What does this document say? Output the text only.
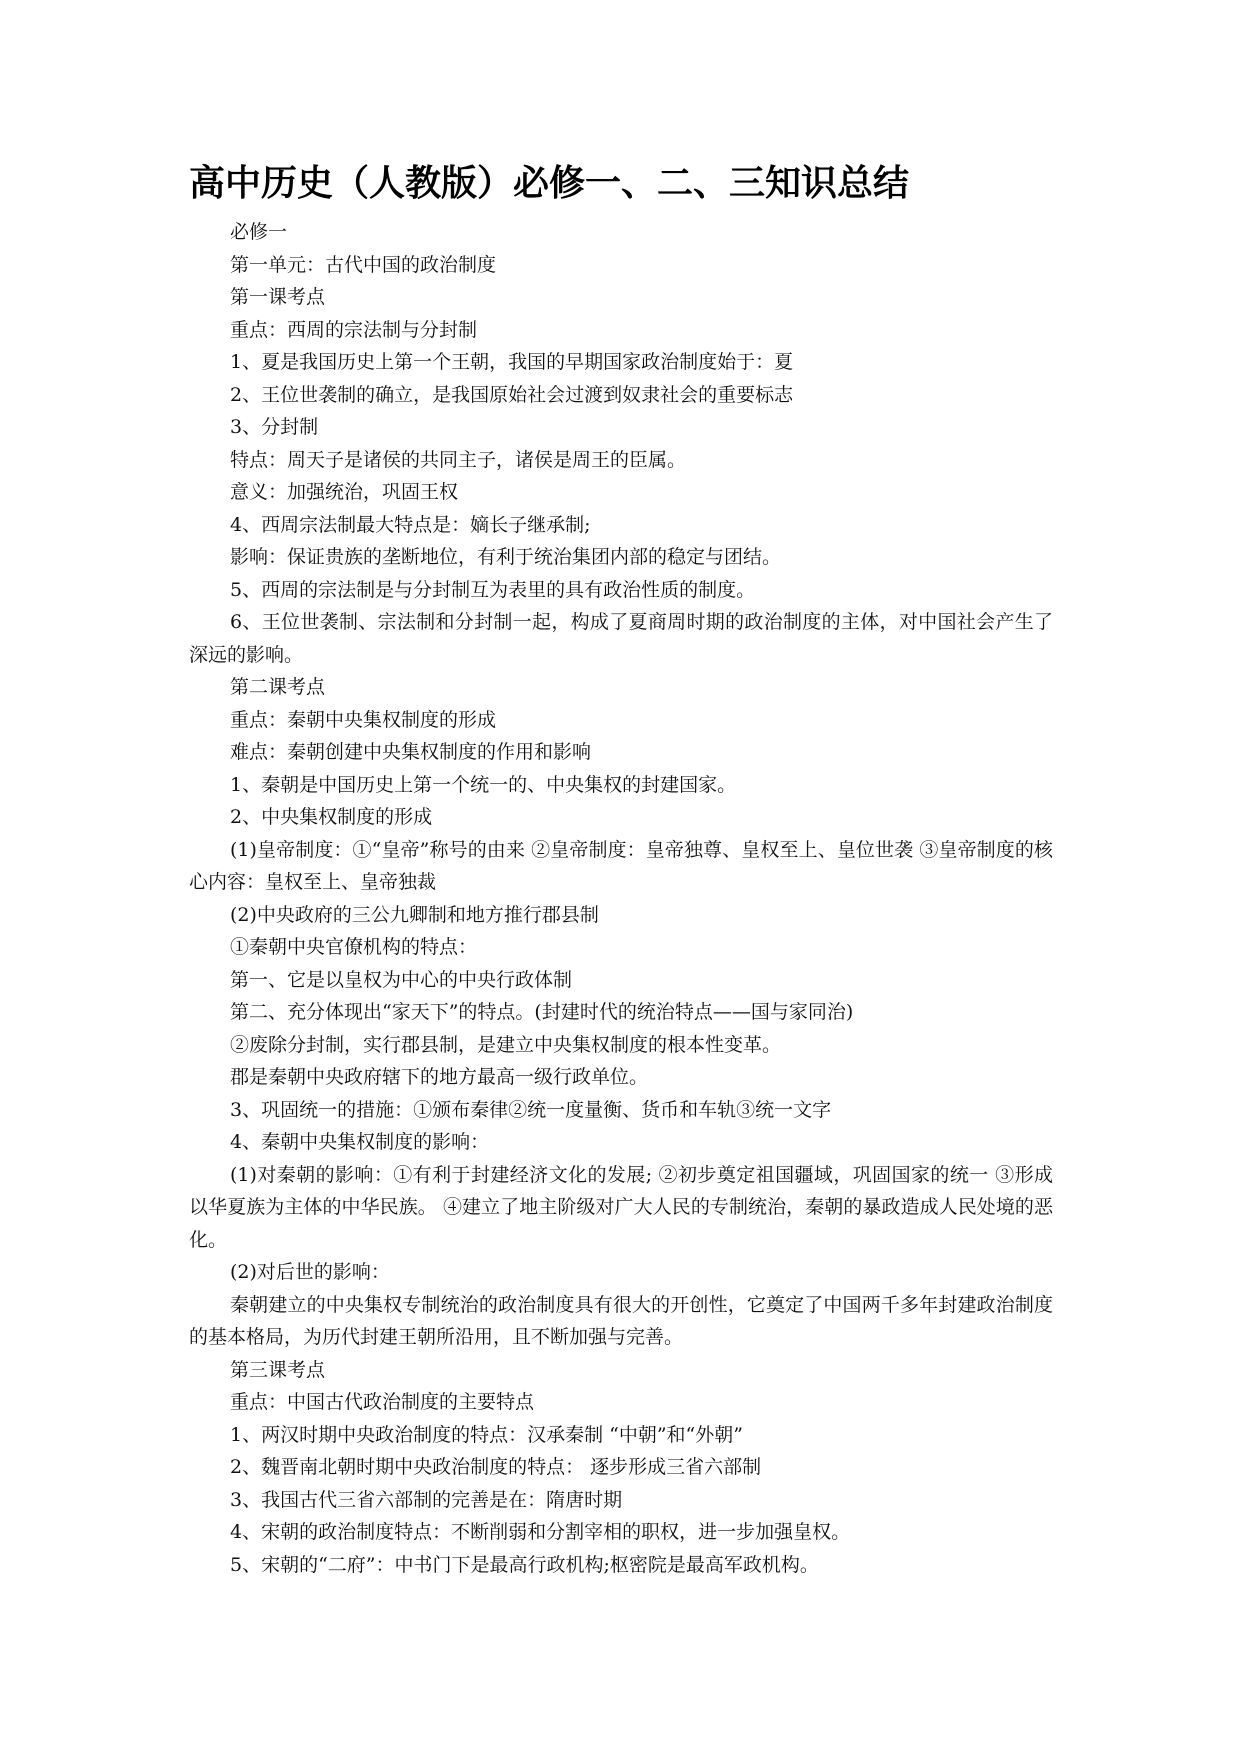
高中历史（人教版）必修一、二、三知识总结

必修一

第一单元：古代中国的政治制度

第一课考点

重点：西周的宗法制与分封制

1、夏是我国历史上第一个王朝，我国的早期国家政治制度始于：夏

2、王位世袭制的确立，是我国原始社会过渡到奴隶社会的重要标志

3、分封制

特点：周天子是诸侯的共同主子，诸侯是周王的臣属。

意义：加强统治，巩固王权

4、西周宗法制最大特点是：嫡长子继承制;

影响：保证贵族的垄断地位，有利于统治集团内部的稳定与团结。

5、西周的宗法制是与分封制互为表里的具有政治性质的制度。

6、王位世袭制、宗法制和分封制一起，构成了夏商周时期的政治制度的主体，对中国社会产生了深远的影响。

第二课考点

重点：秦朝中央集权制度的形成

难点：秦朝创建中央集权制度的作用和影响

1、秦朝是中国历史上第一个统一的、中央集权的封建国家。

2、中央集权制度的形成

(1)皇帝制度：①“皇帝”称号的由来 ②皇帝制度：皇帝独尊、皇权至上、皇位世袭 ③皇帝制度的核心内容：皇权至上、皇帝独裁

(2)中央政府的三公九卿制和地方推行郡县制

①秦朝中央官僚机构的特点：

第一、它是以皇权为中心的中央行政体制

第二、充分体现出“家天下”的特点。(封建时代的统治特点——国与家同治)

②废除分封制，实行郡县制，是建立中央集权制度的根本性变革。

郡是秦朝中央政府辖下的地方最高一级行政单位。

3、巩固统一的措施：①颁布秦律②统一度量衡、货币和车轨③统一文字

4、秦朝中央集权制度的影响：

(1)对秦朝的影响：①有利于封建经济文化的发展; ②初步奠定祖国疆域，巩固国家的统一 ③形成以华夏族为主体的中华民族。 ④建立了地主阶级对广大人民的专制统治，秦朝的暴政造成人民处境的恶化。

(2)对后世的影响：

秦朝建立的中央集权专制统治的政治制度具有很大的开创性，它奠定了中国两千多年封建政治制度的基本格局，为历代封建王朝所沿用，且不断加强与完善。

第三课考点

重点：中国古代政治制度的主要特点

1、两汉时期中央政治制度的特点：汉承秦制 “中朝”和“外朝”

2、魏晋南北朝时期中央政治制度的特点： 逐步形成三省六部制

3、我国古代三省六部制的完善是在：隋唐时期

4、宋朝的政治制度特点：不断削弱和分割宰相的职权，进一步加强皇权。

5、宋朝的“二府”：中书门下是最高行政机构;枢密院是最高军政机构。
